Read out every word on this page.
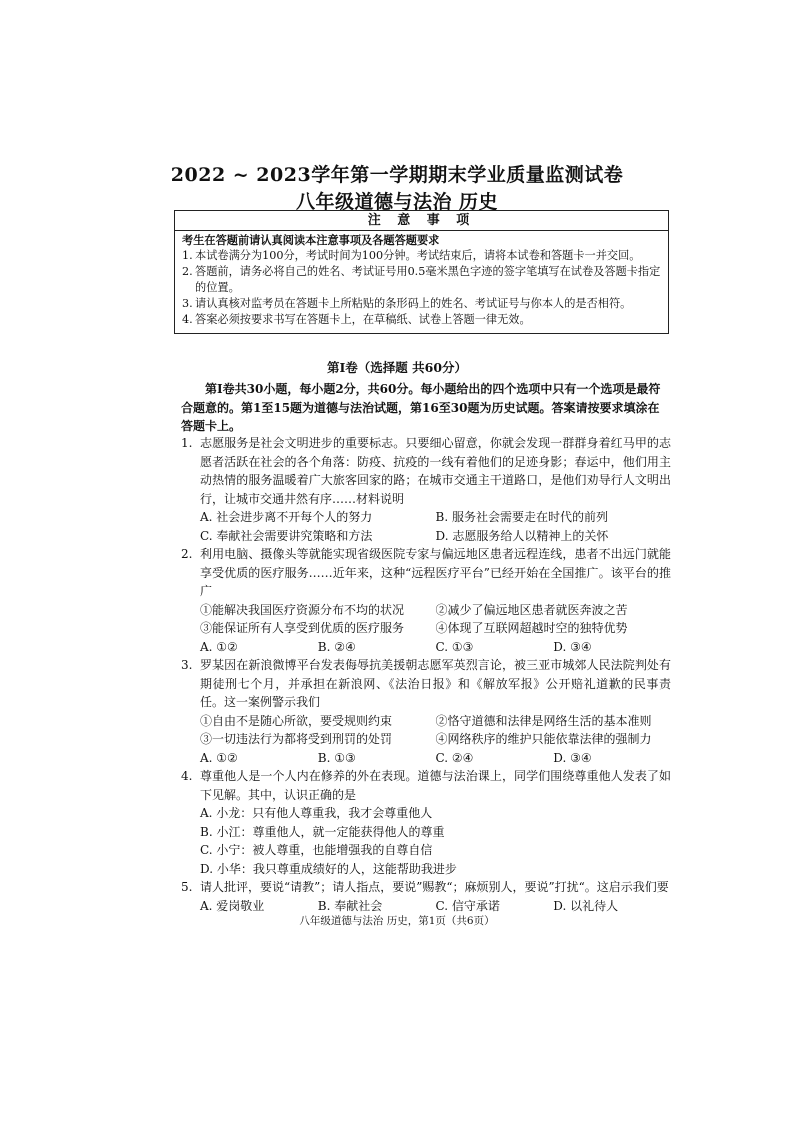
2022 ~ 2023学年第一学期期末学业质量监测试卷
八年级道德与法治 历史
注 意 事 项
考生在答题前请认真阅读本注意事项及各题答题要求
1. 本试卷满分为100分，考试时间为100分钟。考试结束后，请将本试卷和答题卡一并交回。
2. 答题前，请务必将自己的姓名、考试证号用0.5毫米黑色字迹的签字笔填写在试卷及答题卡指定的位置。
3. 请认真核对监考员在答题卡上所粘贴的条形码上的姓名、考试证号与你本人的是否相符。
4. 答案必须按要求书写在答题卡上，在草稿纸、试卷上答题一律无效。
第Ⅰ卷（选择题 共60分）
第Ⅰ卷共30小题，每小题2分，共60分。每小题给出的四个选项中只有一个选项是最符合题意的。第1至15题为道德与法治试题，第16至30题为历史试题。答案请按要求填涂在答题卡上。
1. 志愿服务是社会文明进步的重要标志。只要细心留意，你就会发现一群群身着红马甲的志愿者活跃在社会的各个角落：防疫、抗疫的一线有着他们的足迹身影；春运中，他们用主动热情的服务温暖着广大旅客回家的路；在城市交通主干道路口，是他们劝导行人文明出行，让城市交通井然有序……材料说明
A. 社会进步离不开每个人的努力	B. 服务社会需要走在时代的前列
C. 奉献社会需要讲究策略和方法	D. 志愿服务给人以精神上的关怀
2. 利用电脑、摄像头等就能实现省级医院专家与偏远地区患者远程连线，患者不出远门就能享受优质的医疗服务……近年来，这种“远程医疗平台”已经开始在全国推广。该平台的推广
①能解决我国医疗资源分布不均的状况	②减少了偏远地区患者就医奔波之苦
③能保证所有人享受到优质的医疗服务	④体现了互联网超越时空的独特优势
A. ①②	B. ②④	C. ①③	D. ③④
3. 罗某因在新浪微博平台发表侮辱抗美援朝志愿军英烈言论，被三亚市城郊人民法院判处有期徒刑七个月，并承担在新浪网、《法治日报》和《解放军报》公开赔礼道歉的民事责任。这一案例警示我们
①自由不是随心所欲，要受规则约束	②恪守道德和法律是网络生活的基本准则
③一切违法行为都将受到刑罚的处罚	④网络秩序的维护只能依靠法律的强制力
A. ①②	B. ①③	C. ②④	D. ③④
4. 尊重他人是一个人内在修养的外在表现。道德与法治课上，同学们围绕尊重他人发表了如下见解。其中，认识正确的是
A. 小龙：只有他人尊重我，我才会尊重他人
B. 小江：尊重他人，就一定能获得他人的尊重
C. 小宁：被人尊重，也能增强我的自尊自信
D. 小华：我只尊重成绩好的人，这能帮助我进步
5. 请人批评，要说“请教”；请人指点，要说”赐教“；麻烦别人，要说”打扰“。这启示我们要
A. 爱岗敬业	B. 奉献社会	C. 信守承诺	D. 以礼待人
八年级道德与法治 历史，第1页（共6页）
